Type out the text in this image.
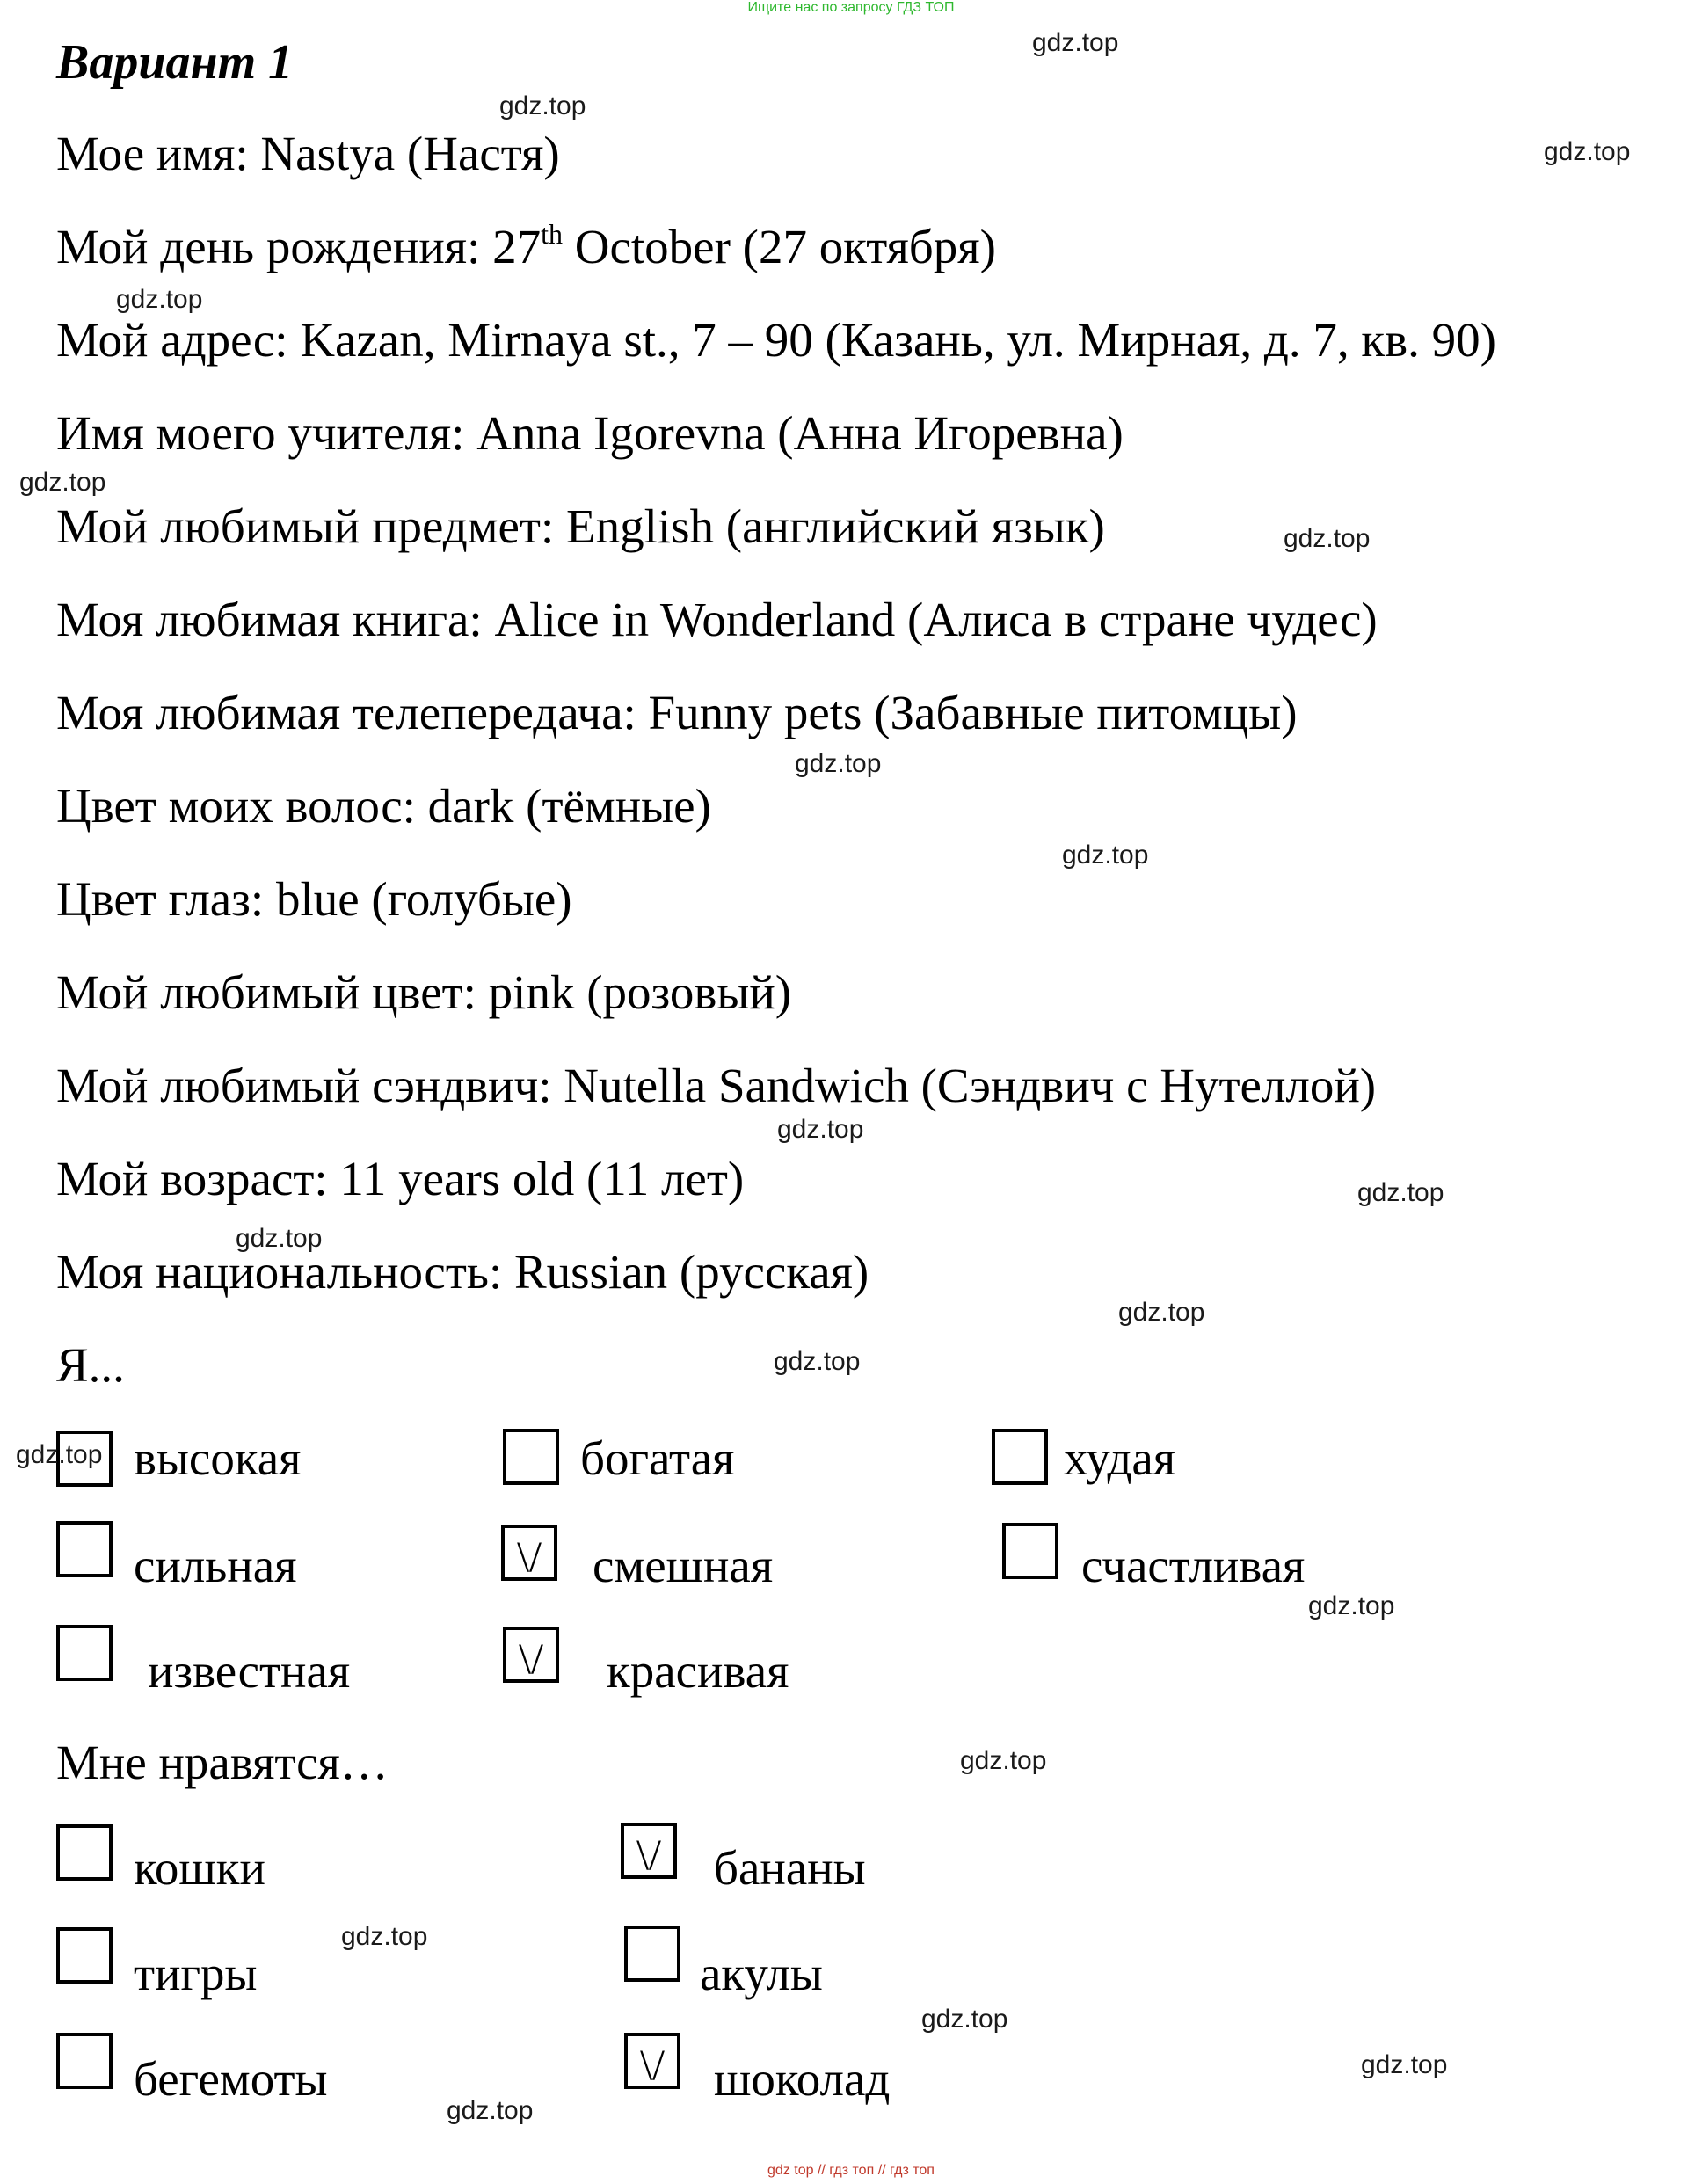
Ищите нас по запросу ГДЗ ТОП
Вариант 1
Мое имя: Nastya (Настя)
Мой день рождения: 27th October (27 октября)
Мой адрес: Kazan, Mirnaya st., 7 – 90 (Казань, ул. Мирная, д. 7, кв. 90)
Имя моего учителя: Anna Igorevna (Анна Игоревна)
Мой любимый предмет: English (английский язык)
Моя любимая книга: Alice in Wonderland (Алиса в стране чудес)
Моя любимая телепередача: Funny pets (Забавные питомцы)
Цвет моих волос: dark (тёмные)
Цвет глаз: blue (голубые)
Мой любимый цвет: pink (розовый)
Мой любимый сэндвич: Nutella Sandwich (Сэндвич с Нутеллой)
Мой возраст: 11 years old (11 лет)
Моя национальность: Russian (русская)
Я...
высокая	богатая	худая
сильная	\/ смешная	счастливая
известная	\/ красивая
Мне нравятся…
кошки	\/ бананы
тигры	акулы
бегемоты	\/ шоколад
gdz.top
gdz.top
gdz.top
gdz.top
gdz.top
gdz.top
gdz.top
gdz.top
gdz.top
gdz.top
gdz.top
gdz.top
gdz.top
gdz.top
gdz.top
gdz.top
gdz.top
gdz.top
gdz.top
gdz.top
gdz top // гдз топ // гдз топ
